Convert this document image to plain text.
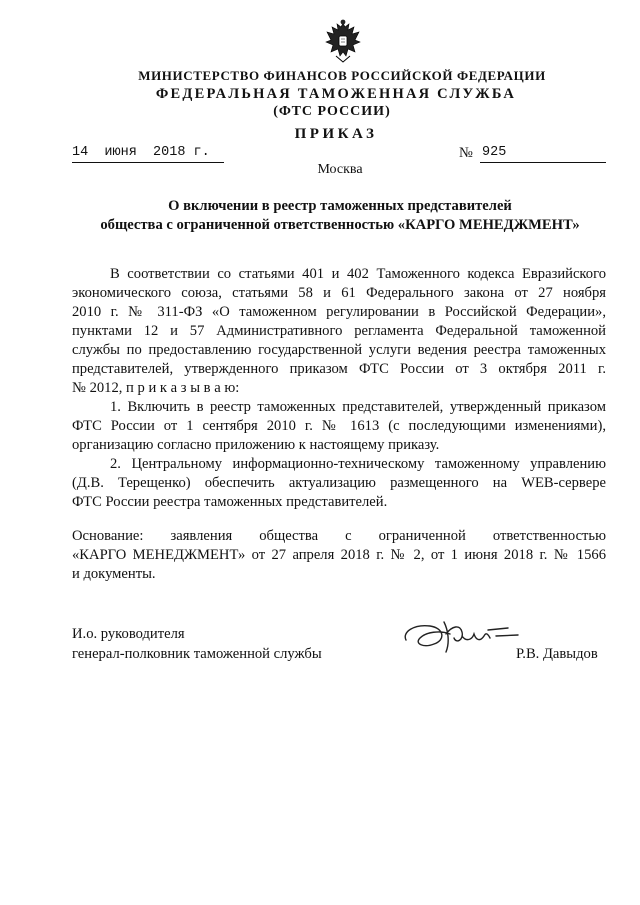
МИНИСТЕРСТВО ФИНАНСОВ РОССИЙСКОЙ ФЕДЕРАЦИИ
ФЕДЕРАЛЬНАЯ ТАМОЖЕННАЯ СЛУЖБА
(ФТС РОССИИ)
ПРИКАЗ
14  июня  2018 г.	№ 925
Москва
О включении в реестр таможенных представителей
общества с ограниченной ответственностью «КАРГО МЕНЕДЖМЕНТ»
В соответствии со статьями 401 и 402 Таможенного кодекса Евразийского
экономического союза, статьями 58 и 61 Федерального закона от 27 ноября
2010 г. № 311-ФЗ «О таможенном регулировании в Российской Федерации»,
пунктами 12 и 57 Административного регламента Федеральной таможенной
службы по предоставлению государственной услуги ведения реестра таможенных
представителей, утвержденного приказом ФТС России от 3 октября 2011 г.
№ 2012, п р и к а з ы в а ю:
1. Включить в реестр таможенных представителей, утвержденный приказом
ФТС России от 1 сентября 2010 г. № 1613 (с последующими изменениями),
организацию согласно приложению к настоящему приказу.
2. Центральному информационно-техническому таможенному управлению
(Д.В. Терещенко) обеспечить актуализацию размещенного на WEB-сервере
ФТС России реестра таможенных представителей.
Основание: заявления общества с ограниченной ответственностью
«КАРГО МЕНЕДЖМЕНТ» от 27 апреля 2018 г. № 2, от 1 июня 2018 г. № 1566
и документы.
И.о. руководителя
генерал-полковник таможенной службы	Р.В. Давыдов
